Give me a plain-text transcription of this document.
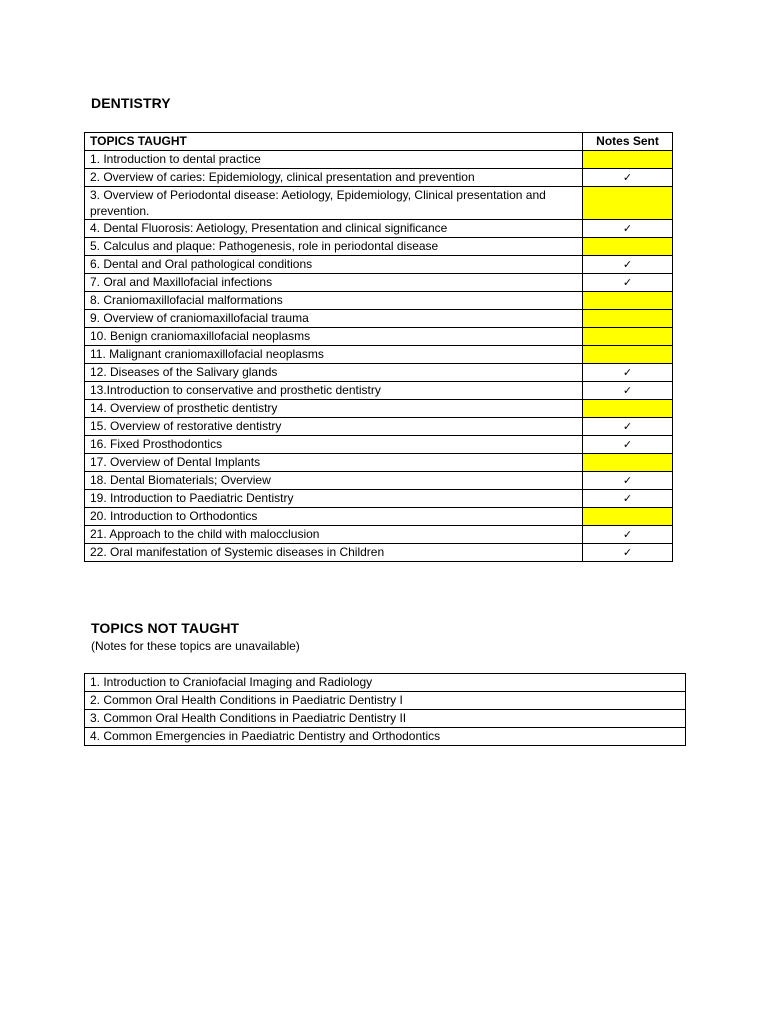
DENTISTRY
TOPICS TAUGHT	Notes Sent
1. Introduction to dental practice	
2. Overview of caries: Epidemiology, clinical presentation and prevention	✓
3. Overview of Periodontal disease: Aetiology, Epidemiology, Clinical presentation and prevention.	
4. Dental Fluorosis: Aetiology, Presentation and clinical significance	✓
5. Calculus and plaque: Pathogenesis, role in periodontal disease	
6. Dental and Oral pathological conditions	✓
7. Oral and Maxillofacial infections	✓
8. Craniomaxillofacial malformations	
9. Overview of craniomaxillofacial trauma	
10. Benign craniomaxillofacial neoplasms	
11. Malignant craniomaxillofacial neoplasms	
12. Diseases of the Salivary glands	✓
13.Introduction to conservative and prosthetic dentistry	✓
14. Overview of prosthetic dentistry	
15. Overview of restorative dentistry	✓
16. Fixed Prosthodontics	✓
17. Overview of Dental Implants	
18. Dental Biomaterials; Overview	✓
19. Introduction to Paediatric Dentistry	✓
20. Introduction to Orthodontics	
21. Approach to the child with malocclusion	✓
22. Oral manifestation of Systemic diseases in Children	✓
TOPICS NOT TAUGHT

(Notes for these topics are unavailable)

1. Introduction to Craniofacial Imaging and Radiology
2. Common Oral Health Conditions in Paediatric Dentistry I
3. Common Oral Health Conditions in Paediatric Dentistry II
4. Common Emergencies in Paediatric Dentistry and Orthodontics
